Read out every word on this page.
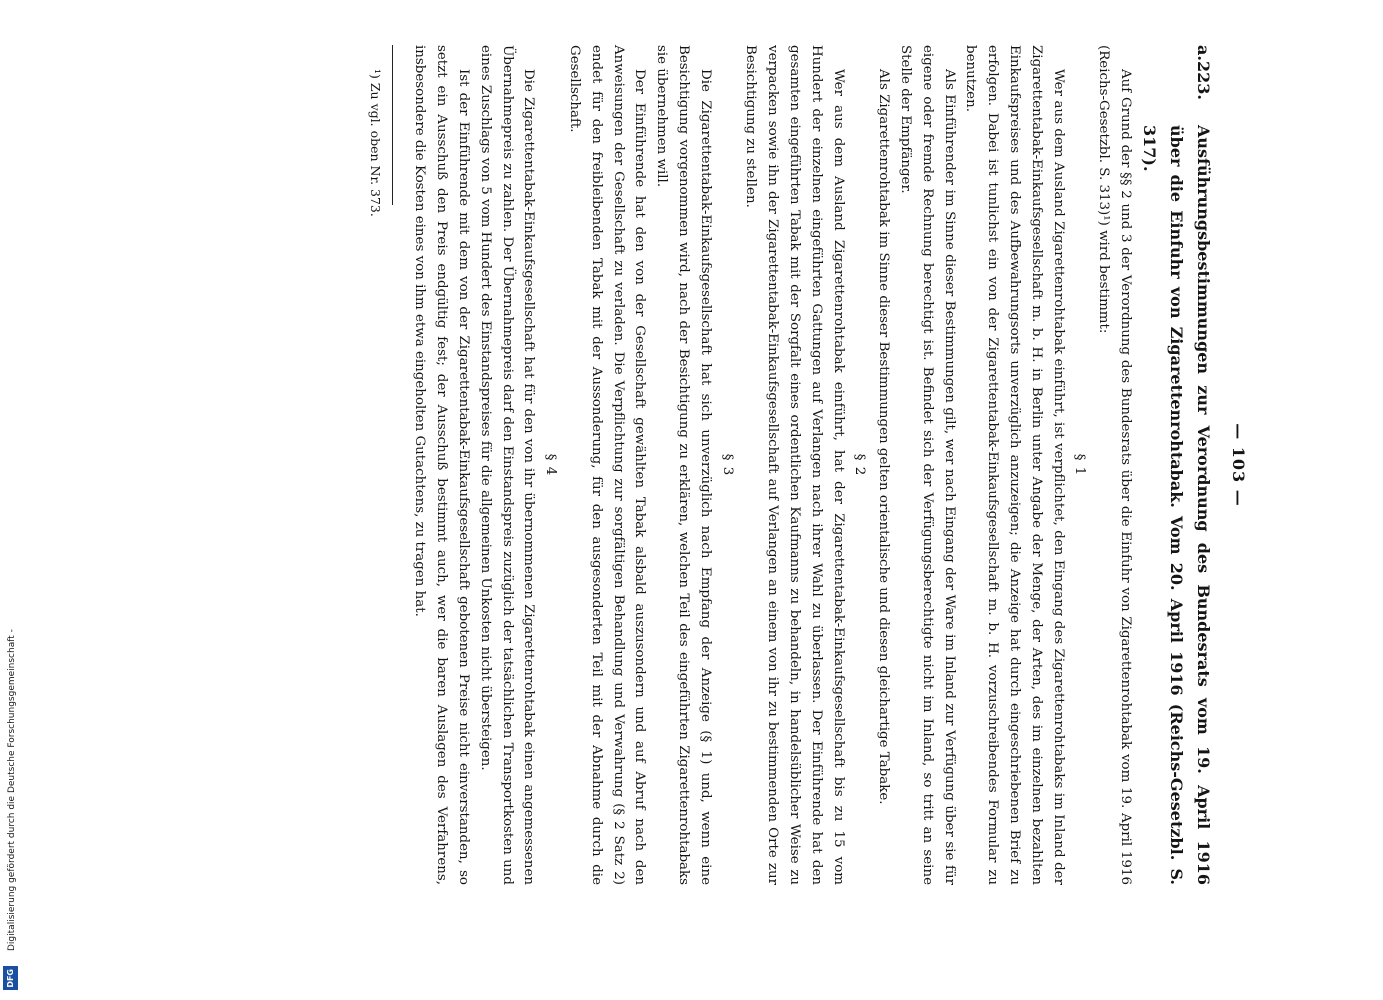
Digitalisierung gefördert durch die Deutsche Forschungsgemeinschaft -
DFG
— 103 —
a.223.
Ausführungsbestimmungen zur Verordnung des Bundesrats vom 19. April 1916 über die Einfuhr von Zigarettenrohtabak. Vom 20. April 1916 (Reichs-Gesetzbl. S. 317).

Auf Grund der §§ 2 und 3 der Verordnung des Bundesrats über die Einfuhr von Zigarettenrohtabak vom 19. April 1916 (Reichs-Gesetzbl. S. 313)¹) wird bestimmt:

§ 1

Wer aus dem Ausland Zigarettenrohtabak einführt, ist verpflichtet, den Eingang des Zigarettenrohtabaks im Inland der Zigarettentabak-Einkaufsgesellschaft m. b. H. in Berlin unter Angabe der Menge, der Arten, des im einzelnen bezahlten Einkaufspreises und des Aufbewahrungsorts unverzüglich anzuzeigen; die Anzeige hat durch eingeschriebenen Brief zu erfolgen. Dabei ist tunlichst ein von der Zigarettentabak-Einkaufsgesellschaft m. b. H. vorzuschreibendes Formular zu benutzen.

Als Einführender im Sinne dieser Bestimmungen gilt, wer nach Eingang der Ware im Inland zur Verfügung über sie für eigene oder fremde Rechnung berechtigt ist. Befindet sich der Verfügungsberechtigte nicht im Inland, so tritt an seine Stelle der Empfänger.

Als Zigarettenrohtabak im Sinne dieser Bestimmungen gelten orientalische und diesen gleichartige Tabake.

§ 2

Wer aus dem Ausland Zigarettenrohtabak einführt, hat der Zigarettentabak-Einkaufsgesellschaft bis zu 15 vom Hundert der einzelnen eingeführten Gattungen auf Verlangen nach ihrer Wahl zu überlassen. Der Einführende hat den gesamten eingeführten Tabak mit der Sorgfalt eines ordentlichen Kaufmanns zu behandeln, in handelsüblicher Weise zu verpacken sowie ihn der Zigarettentabak-Einkaufsgesellschaft auf Verlangen an einem von ihr zu bestimmenden Orte zur Besichtigung zu stellen.

§ 3

Die Zigarettentabak-Einkaufsgesellschaft hat sich unverzüglich nach Empfang der Anzeige (§ 1) und, wenn eine Besichtigung vorgenommen wird, nach der Besichtigung zu erklären, welchen Teil des eingeführten Zigarettenrohtabaks sie übernehmen will.

Der Einführende hat den von der Gesellschaft gewählten Tabak alsbald auszusondern und auf Abruf nach den Anweisungen der Gesellschaft zu verladen. Die Verpflichtung zur sorgfältigen Behandlung und Verwahrung (§ 2 Satz 2) endet für den freibleibenden Tabak mit der Aussonderung, für den ausgesonderten Teil mit der Abnahme durch die Gesellschaft.

§ 4

Die Zigarettentabak-Einkaufsgesellschaft hat für den von ihr übernommenen Zigarettenrohtabak einen angemessenen Übernahmepreis zu zahlen. Der Übernahmepreis darf den Einstandspreis zuzüglich der tatsächlichen Transportkosten und eines Zuschlags von 5 vom Hundert des Einstandspreises für die allgemeinen Unkosten nicht übersteigen.

Ist der Einführende mit dem von der Zigarettentabak-Einkaufsgesellschaft gebotenen Preise nicht einverstanden, so setzt ein Ausschuß den Preis endgültig fest; der Ausschuß bestimmt auch, wer die baren Auslagen des Verfahrens, insbesondere die Kosten eines von ihm etwa eingeholten Gutachtens, zu tragen hat.

¹) Zu vgl. oben Nr. 373.
